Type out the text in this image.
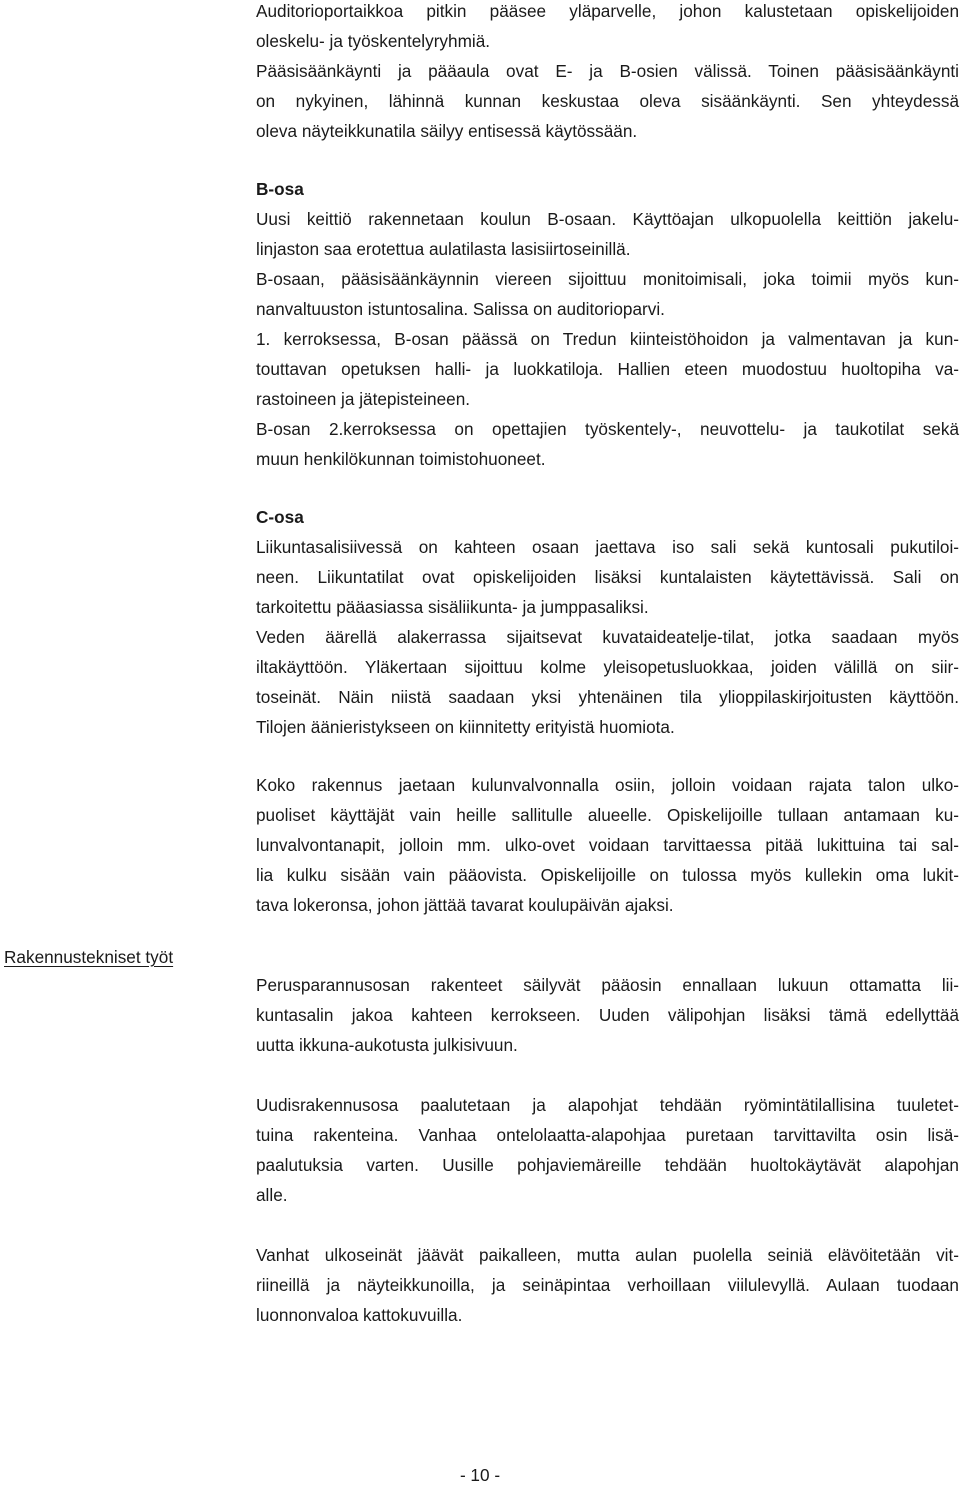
Auditorioportaikkoa pitkin pääsee yläparvelle, johon kalustetaan opiskelijoiden
oleskelu- ja työskentelyryhmiä.
Pääsisäänkäynti ja pääaula ovat E- ja B-osien välissä. Toinen pääsisäänkäynti
on nykyinen, lähinnä kunnan keskustaa oleva sisäänkäynti. Sen yhteydessä
oleva näyteikkunatila säilyy entisessä käytössään.
B-osa
Uusi keittiö rakennetaan koulun B-osaan. Käyttöajan ulkopuolella keittiön jakelu-
linjaston saa erotettua aulatilasta lasisiirtoseinillä.
B-osaan, pääsisäänkäynnin viereen sijoittuu monitoimisali, joka toimii myös kun-
nanvaltuuston istuntosalina. Salissa on auditorioparvi.
1. kerroksessa, B-osan päässä on Tredun kiinteistöhoidon ja valmentavan ja kun-
touttavan opetuksen halli- ja luokkatiloja. Hallien eteen muodostuu huoltopiha va-
rastoineen ja jätepisteineen.
B-osan 2.kerroksessa on opettajien työskentely-, neuvottelu- ja taukotilat sekä
muun henkilökunnan toimistohuoneet.
C-osa
Liikuntasalisiivessä on kahteen osaan jaettava iso sali sekä kuntosali pukutiloi-
neen. Liikuntatilat ovat opiskelijoiden lisäksi kuntalaisten käytettävissä. Sali on
tarkoitettu pääasiassa sisäliikunta- ja jumppasaliksi.
Veden äärellä alakerrassa sijaitsevat kuvataideatelje-tilat, jotka saadaan myös
iltakäyttöön. Yläkertaan sijoittuu kolme yleisopetusluokkaa, joiden välillä on siir-
toseinät. Näin niistä saadaan yksi yhtenäinen tila ylioppilaskirjoitusten käyttöön.
Tilojen äänieristykseen on kiinnitetty erityistä huomiota.
Koko rakennus jaetaan kulunvalvonnalla osiin, jolloin voidaan rajata talon ulko-
puoliset käyttäjät vain heille sallitulle alueelle. Opiskelijoille tullaan antamaan ku-
lunvalvontanapit, jolloin mm. ulko-ovet voidaan tarvittaessa pitää lukittuina tai sal-
lia kulku sisään vain pääovista. Opiskelijoille on tulossa myös kullekin oma lukit-
tava lokeronsa, johon jättää tavarat koulupäivän ajaksi.
Perusparannusosan rakenteet säilyvät pääosin ennallaan lukuun ottamatta lii-
kuntasalin jakoa kahteen kerrokseen. Uuden välipohjan lisäksi tämä edellyttää
uutta ikkuna-aukotusta julkisivuun.
Uudisrakennusosa paalutetaan ja alapohjat tehdään ryömintätilallisina tuuletet-
tuina rakenteina. Vanhaa ontelolaatta-alapohjaa puretaan tarvittavilta osin lisä-
paalutuksia varten. Uusille pohjaviemäreille tehdään huoltokäytävät alapohjan
alle.
Vanhat ulkoseinät jäävät paikalleen, mutta aulan puolella seiniä elävöitetään vit-
riineillä ja näyteikkunoilla, ja seinäpintaa verhoillaan viilulevyllä. Aulaan tuodaan
luonnonvaloa kattokuvuilla.
Rakennustekniset työt
- 10 -
